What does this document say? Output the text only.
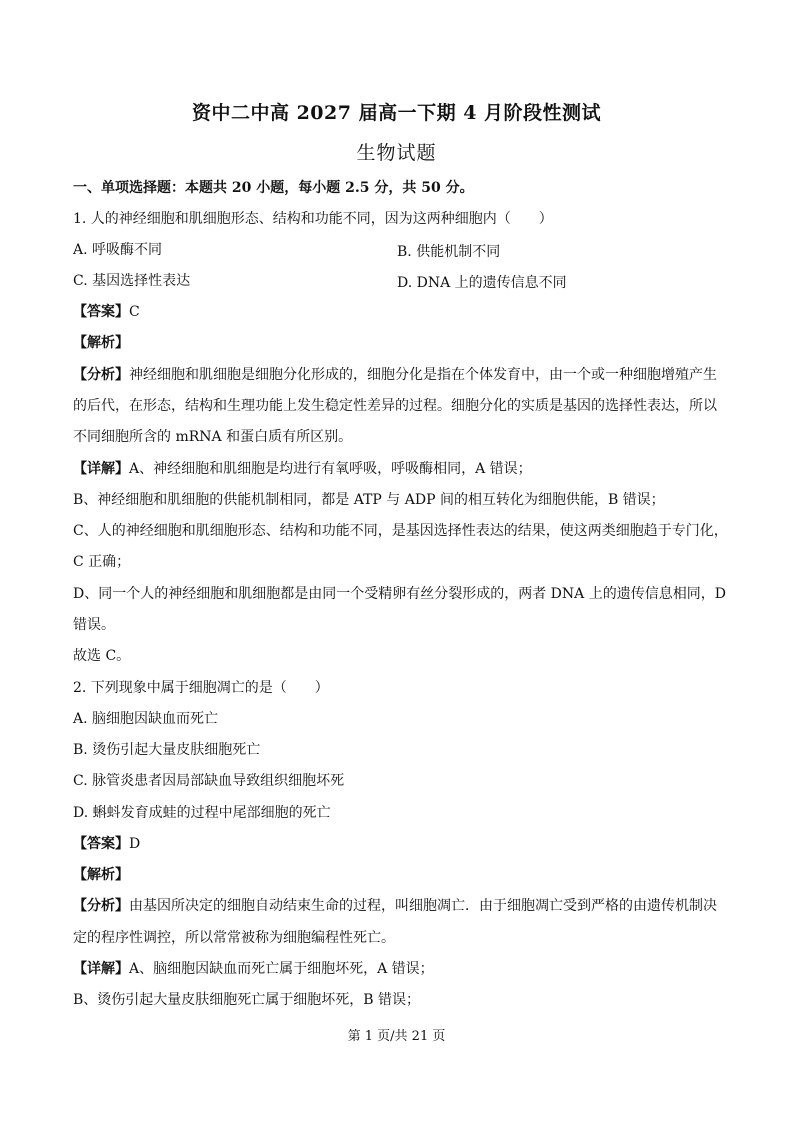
资中二中高 2027 届高一下期 4 月阶段性测试
生物试题
一、单项选择题：本题共 20 小题，每小题 2.5 分，共 50 分。
1. 人的神经细胞和肌细胞形态、结构和功能不同，因为这两种细胞内（　　）
A. 呼吸酶不同	B. 供能机制不同
C. 基因选择性表达	D. DNA 上的遗传信息不同
【答案】C
【解析】
【分析】神经细胞和肌细胞是细胞分化形成的，细胞分化是指在个体发育中，由一个或一种细胞增殖产生
的后代，在形态，结构和生理功能上发生稳定性差异的过程。细胞分化的实质是基因的选择性表达，所以
不同细胞所含的 mRNA 和蛋白质有所区别。
【详解】A、神经细胞和肌细胞是均进行有氧呼吸，呼吸酶相同，A 错误；
B、神经细胞和肌细胞的供能机制相同，都是 ATP 与 ADP 间的相互转化为细胞供能，B 错误；
C、人的神经细胞和肌细胞形态、结构和功能不同，是基因选择性表达的结果，使这两类细胞趋于专门化，
C 正确；
D、同一个人的神经细胞和肌细胞都是由同一个受精卵有丝分裂形成的，两者 DNA 上的遗传信息相同，D
错误。
故选 C。
2. 下列现象中属于细胞凋亡的是（　　）
A. 脑细胞因缺血而死亡
B. 烫伤引起大量皮肤细胞死亡
C. 脉管炎患者因局部缺血导致组织细胞坏死
D. 蝌蚪发育成蛙的过程中尾部细胞的死亡
【答案】D
【解析】
【分析】由基因所决定的细胞自动结束生命的过程，叫细胞凋亡．由于细胞凋亡受到严格的由遗传机制决
定的程序性调控，所以常常被称为细胞编程性死亡。
【详解】A、脑细胞因缺血而死亡属于细胞坏死，A 错误；
B、烫伤引起大量皮肤细胞死亡属于细胞坏死，B 错误；
第 1 页/共 21 页
